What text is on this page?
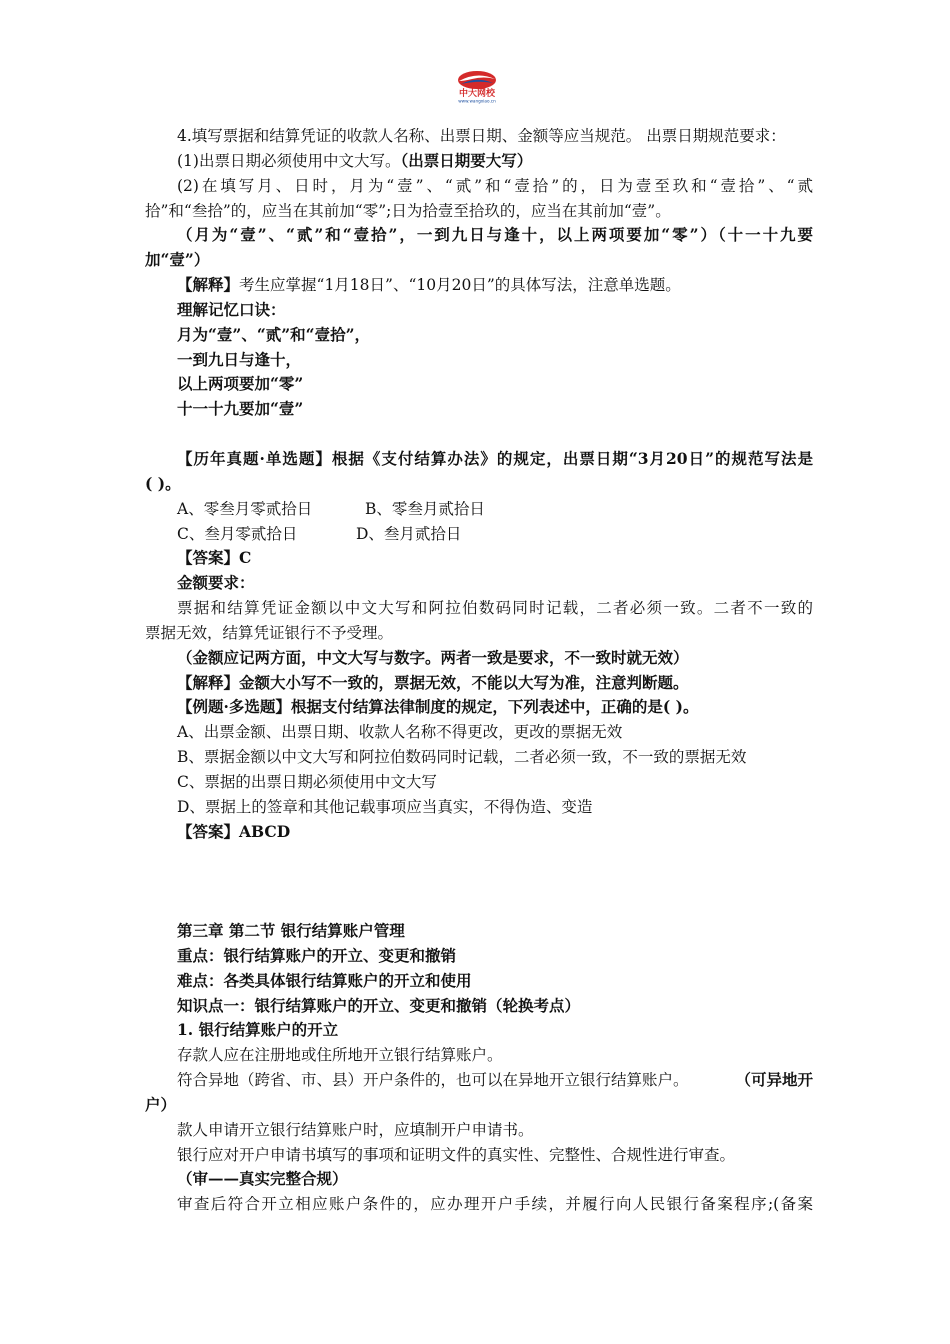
中大网校
www.wangxiao.cn
4.填写票据和结算凭证的收款人名称、出票日期、金额等应当规范。 出票日期规范要求：
(1)出票日期必须使用中文大写。（出票日期要大写）
(2)在填写月、日时，月为“壹”、“贰”和“壹拾”的，日为壹至玖和“壹拾”、“贰
拾”和“叁拾”的，应当在其前加“零”;日为拾壹至拾玖的，应当在其前加“壹”。
（月为“壹”、“贰”和“壹拾”，一到九日与逢十，以上两项要加“零”）（十一十九要
加“壹”）
【解释】考生应掌握“1月18日”、“10月20日”的具体写法，注意单选题。
理解记忆口诀：
月为“壹”、“贰”和“壹拾”，
一到九日与逢十，
以上两项要加“零”
十一十九要加“壹”
【历年真题·单选题】根据《支付结算办法》的规定，出票日期“3月20日”的规范写法是
( )。
A、零叁月零贰拾日	B、零叁月贰拾日
C、叁月零贰拾日	D、叁月贰拾日
【答案】C
金额要求：
票据和结算凭证金额以中文大写和阿拉伯数码同时记载，二者必须一致。二者不一致的
票据无效，结算凭证银行不予受理。
（金额应记两方面，中文大写与数字。两者一致是要求，不一致时就无效）
【解释】金额大小写不一致的，票据无效，不能以大写为准，注意判断题。
【例题·多选题】根据支付结算法律制度的规定，下列表述中，正确的是( )。
A、出票金额、出票日期、收款人名称不得更改，更改的票据无效
B、票据金额以中文大写和阿拉伯数码同时记载，二者必须一致，不一致的票据无效
C、票据的出票日期必须使用中文大写
D、票据上的签章和其他记载事项应当真实，不得伪造、变造
【答案】ABCD
第三章 第二节 银行结算账户管理
重点：银行结算账户的开立、变更和撤销
难点：各类具体银行结算账户的开立和使用
知识点一：银行结算账户的开立、变更和撤销（轮换考点）
1. 银行结算账户的开立
存款人应在注册地或住所地开立银行结算账户。
符合异地（跨省、市、县）开户条件的，也可以在异地开立银行结算账户。	（可异地开
户）
款人申请开立银行结算账户时，应填制开户申请书。
银行应对开户申请书填写的事项和证明文件的真实性、完整性、合规性进行审查。
（审——真实完整合规）
审查后符合开立相应账户条件的，应办理开户手续，并履行向人民银行备案程序;(备案
